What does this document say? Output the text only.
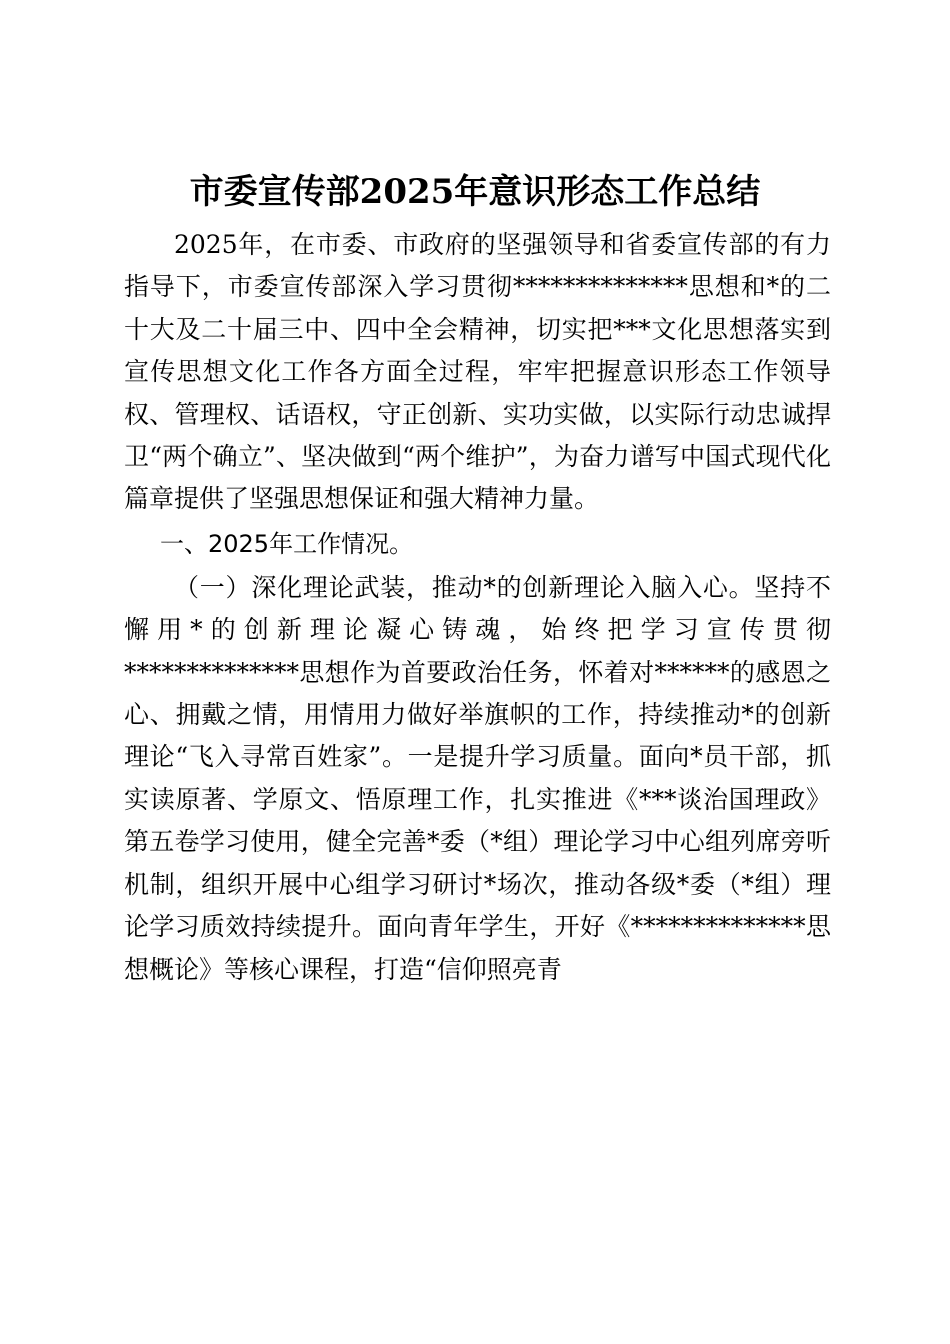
市委宣传部2025年意识形态工作总结

2025年，在市委、市政府的坚强领导和省委宣传部的有力指导下，市委宣传部深入学习贯彻**************思想和*的二十大及二十届三中、四中全会精神，切实把***文化思想落实到宣传思想文化工作各方面全过程，牢牢把握意识形态工作领导权、管理权、话语权，守正创新、实功实做，以实际行动忠诚捍卫“两个确立”、坚决做到“两个维护”，为奋力谱写中国式现代化篇章提供了坚强思想保证和强大精神力量。

一、2025年工作情况。

（一）深化理论武装，推动*的创新理论入脑入心。坚持不懈用*的创新理论凝心铸魂，始终把学习宣传贯彻**************思想作为首要政治任务，怀着对******的感恩之心、拥戴之情，用情用力做好举旗帜的工作，持续推动*的创新理论“飞入寻常百姓家”。一是提升学习质量。面向*员干部，抓实读原著、学原文、悟原理工作，扎实推进《***谈治国理政》第五卷学习使用，健全完善*委（*组）理论学习中心组列席旁听机制，组织开展中心组学习研讨*场次，推动各级*委（*组）理论学习质效持续提升。面向青年学生，开好《**************思想概论》等核心课程，打造“信仰照亮青
